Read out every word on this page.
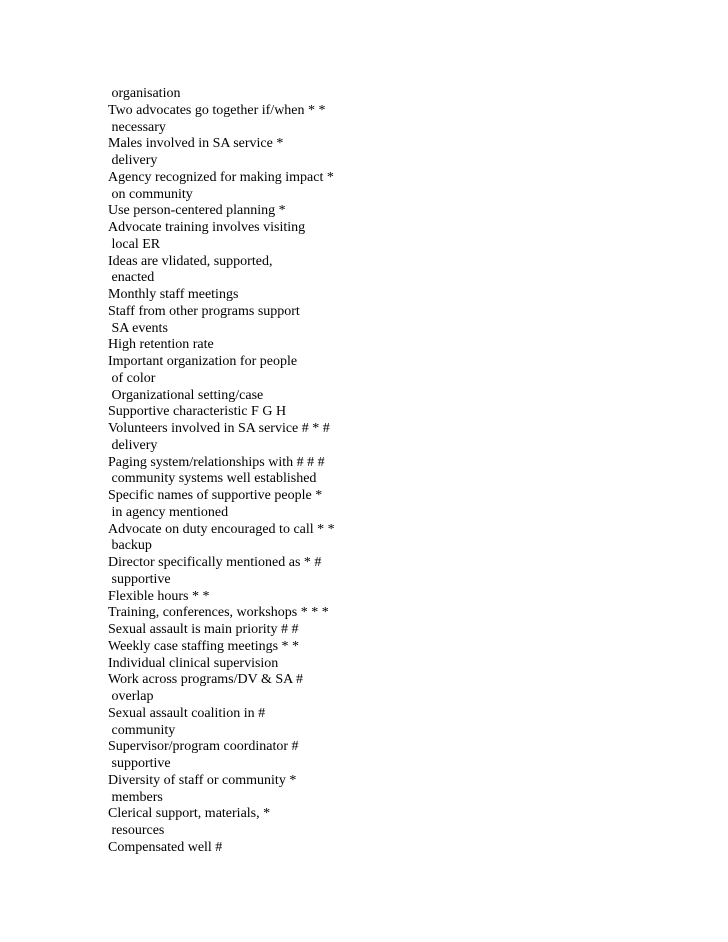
organisation
Two advocates go together if/when * *
necessary
Males involved in SA service *
delivery
Agency recognized for making impact *
on community
Use person-centered planning *
Advocate training involves visiting
local ER
Ideas are vlidated, supported,
enacted
Monthly staff meetings
Staff from other programs support
SA events
High retention rate
Important organization for people
of color
Organizational setting/case
Supportive characteristic F G H
Volunteers involved in SA service # * #
delivery
Paging system/relationships with # # #
community systems well established
Specific names of supportive people *
in agency mentioned
Advocate on duty encouraged to call * *
backup
Director specifically mentioned as * #
supportive
Flexible hours * *
Training, conferences, workshops * * *
Sexual assault is main priority # #
Weekly case staffing meetings * *
Individual clinical supervision
Work across programs/DV & SA #
overlap
Sexual assault coalition in #
community
Supervisor/program coordinator #
supportive
Diversity of staff or community *
members
Clerical support, materials, *
resources
Compensated well #
